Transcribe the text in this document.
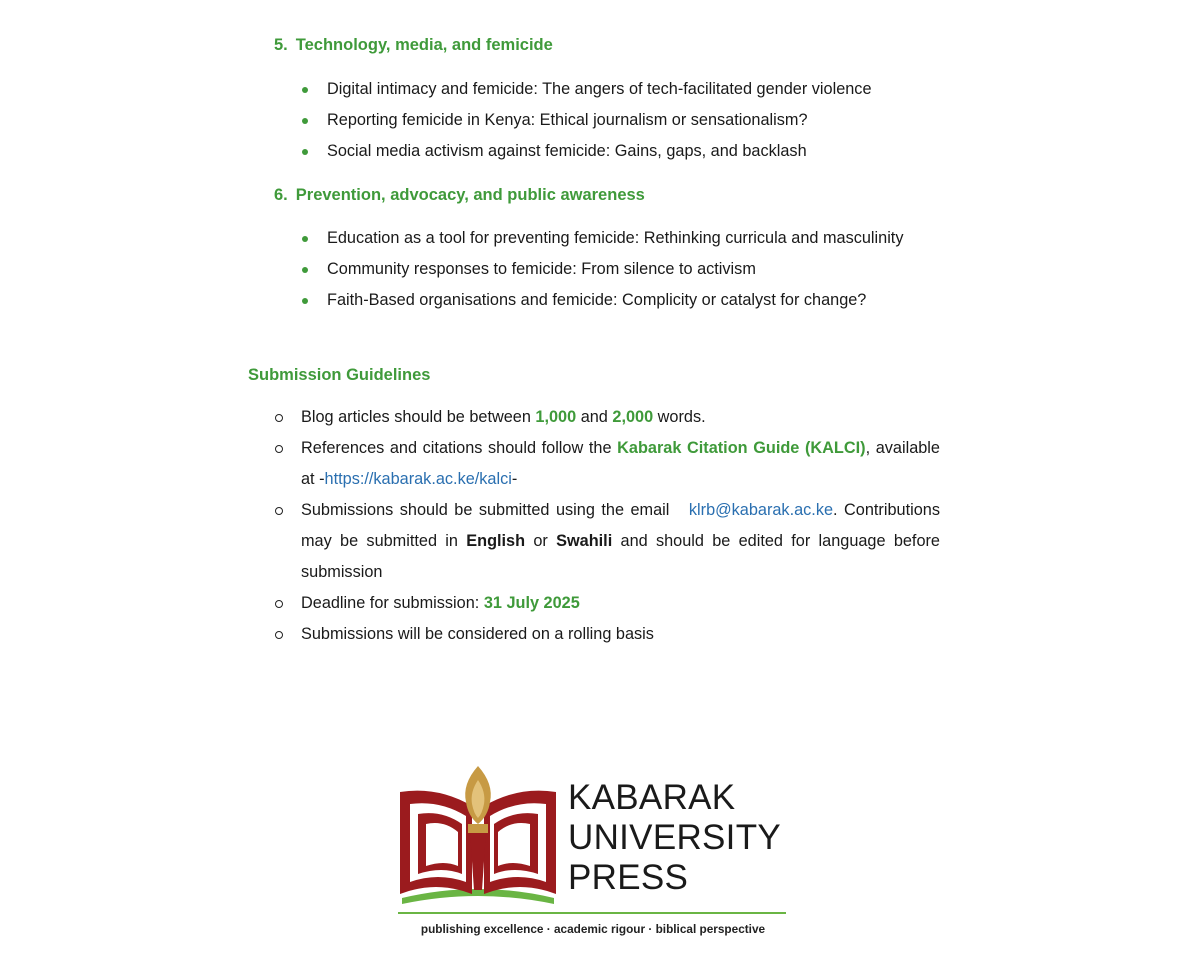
5. Technology, media, and femicide
Digital intimacy and femicide: The angers of tech-facilitated gender violence
Reporting femicide in Kenya: Ethical journalism or sensationalism?
Social media activism against femicide: Gains, gaps, and backlash
6. Prevention, advocacy, and public awareness
Education as a tool for preventing femicide: Rethinking curricula and masculinity
Community responses to femicide: From silence to activism
Faith-Based organisations and femicide: Complicity or catalyst for change?
Submission Guidelines
Blog articles should be between 1,000 and 2,000 words.
References and citations should follow the Kabarak Citation Guide (KALCI), available at -https://kabarak.ac.ke/kalci-
Submissions should be submitted using the email   klrb@kabarak.ac.ke. Contributions may be submitted in English or Swahili and should be edited for language before submission
Deadline for submission: 31 July 2025
Submissions will be considered on a rolling basis
KABARAK
UNIVERSITY
PRESS
publishing excellence · academic rigour · biblical perspective
